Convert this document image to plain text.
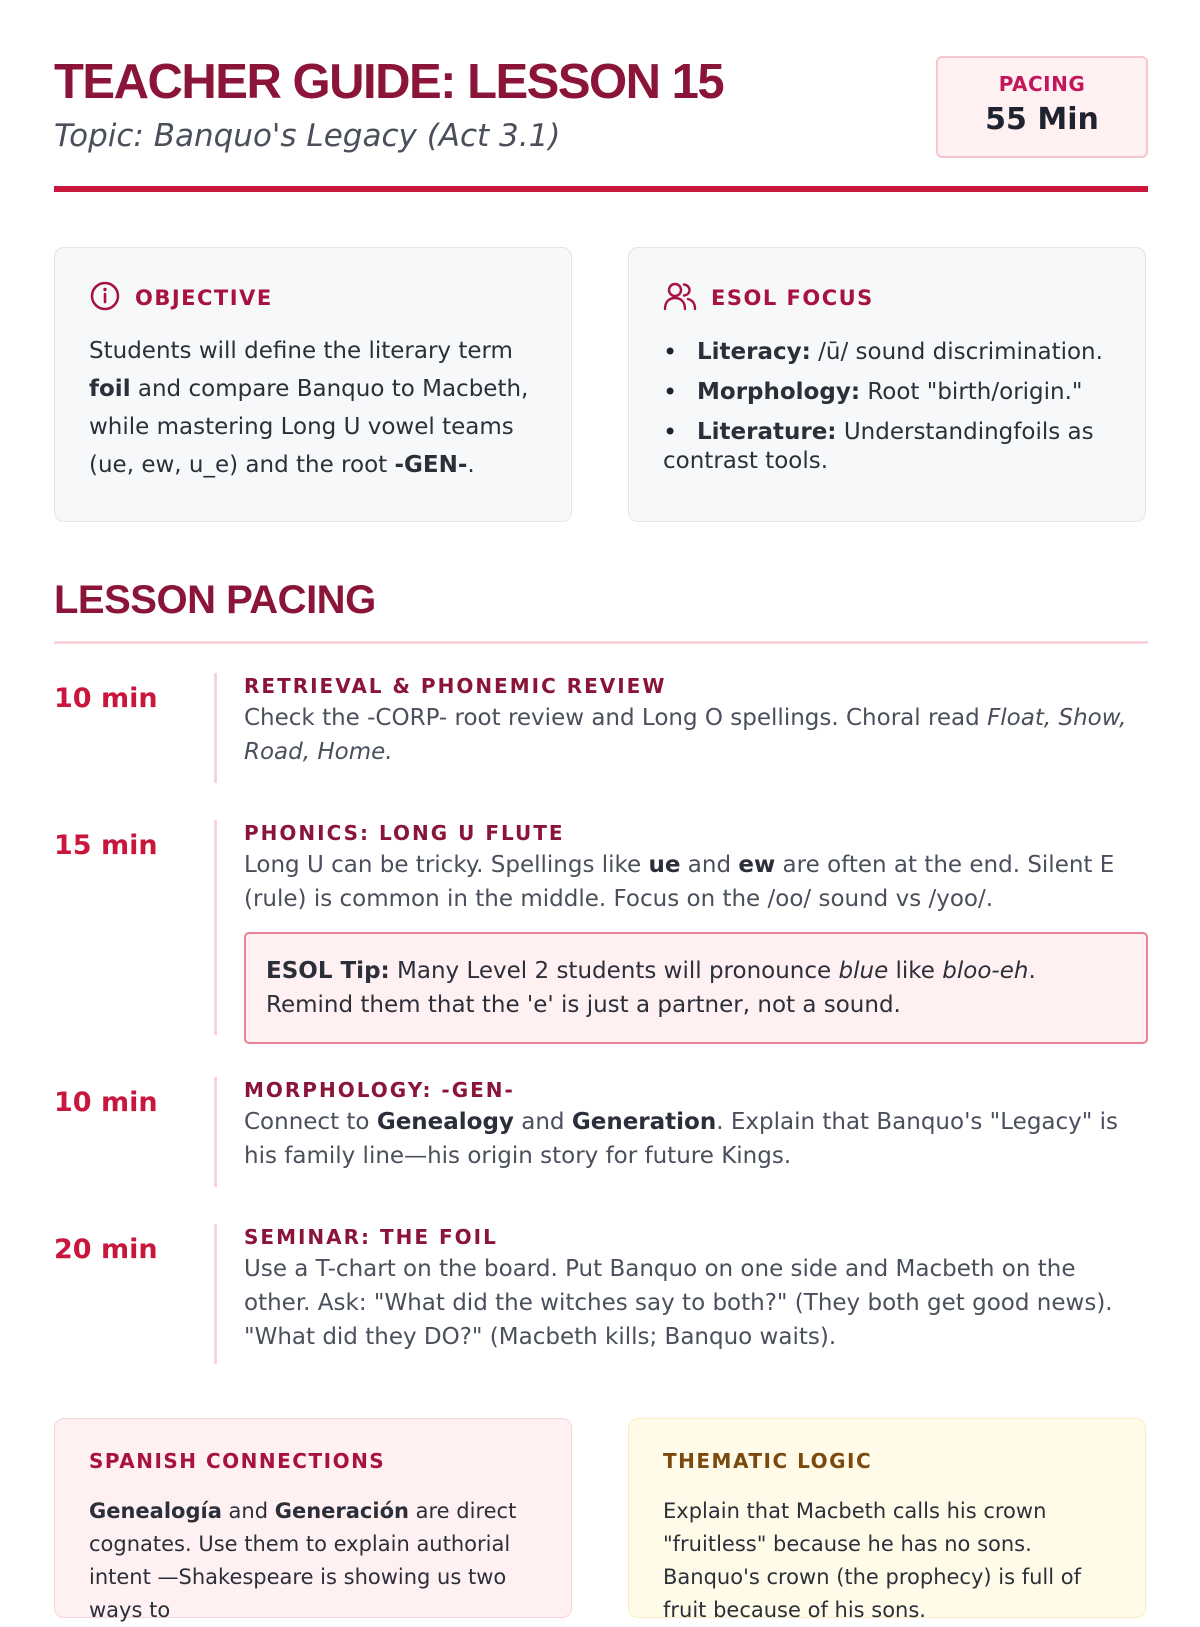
TEACHER GUIDE: LESSON 15
Topic: Banquo's Legacy (Act 3.1)
PACING
55 Min
OBJECTIVE

Students will define the literary term foil and compare Banquo to Macbeth, while mastering Long U vowel teams (ue, ew, u_e) and the root -GEN-.

ESOL FOCUS
• Literacy: /ū/ sound discrimination.
• Morphology: Root "birth/origin."
• Literature: Understandingfoils as
contrast tools.
LESSON PACING
10 min	RETRIEVAL & PHONEMIC REVIEW

Check the -CORP- root review and Long O spellings. Choral read Float, Show, Road, Home.

15 min	PHONICS: LONG U FLUTE

Long U can be tricky. Spellings like ue and ew are often at the end. Silent E (rule) is common in the middle. Focus on the /oo/ sound vs /yoo/.

ESOL Tip: Many Level 2 students will pronounce blue like bloo-eh. Remind them that the 'e' is just a partner, not a sound.
10 min	MORPHOLOGY: -GEN-

Connect to Genealogy and Generation. Explain that Banquo's "Legacy" is his family line—his origin story for future Kings.

20 min	SEMINAR: THE FOIL

Use a T-chart on the board. Put Banquo on one side and Macbeth on the other. Ask: "What did the witches say to both?" (They both get good news). "What did they DO?" (Macbeth kills; Banquo waits).

SPANISH CONNECTIONS

Genealogía and Generación are direct cognates. Use them to explain authorial intent —Shakespeare is showing us two ways to

THEMATIC LOGIC

Explain that Macbeth calls his crown "fruitless" because he has no sons. Banquo's crown (the prophecy) is full of fruit because of his sons.
